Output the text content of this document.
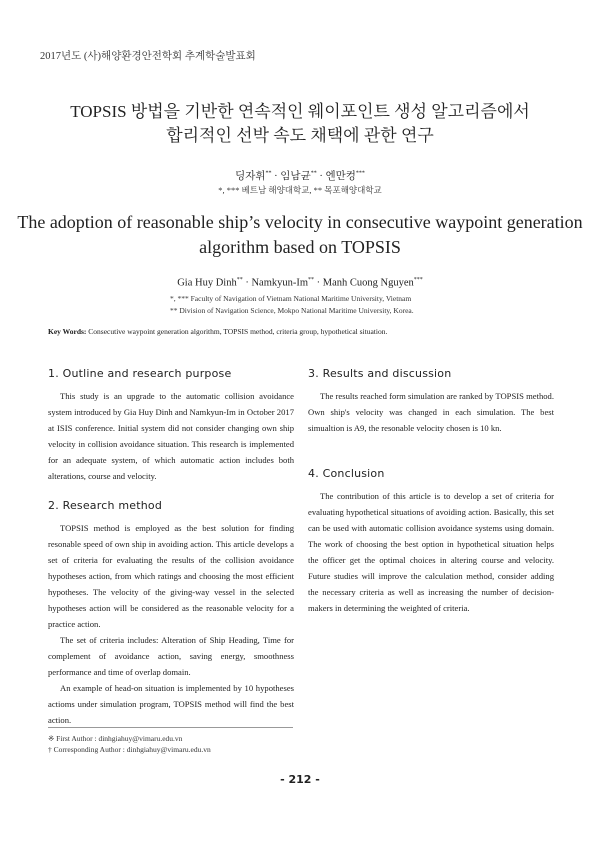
2017년도 (사)해양환경안전학회 추계학술발표회
TOPSIS 방법을 기반한 연속적인 웨이포인트 생성 알고리즘에서
합리적인 선박 속도 채택에 관한 연구
딩자휘** · 임남균** · 엔만컹***
*, *** 베트남 해양대학교, ** 목포해양대학교
The adoption of reasonable ship’s velocity in consecutive waypoint generation
algorithm based on TOPSIS
Gia Huy Dinh** · Namkyun-Im** · Manh Cuong Nguyen***
*, *** Faculty of Navigation of Vietnam National Maritime University, Vietnam
** Division of Navigation Science, Mokpo National Maritime University, Korea.
Key Words: Consecutive waypoint generation algorithm, TOPSIS method, criteria group, hypothetical situation.
1. Outline and research purpose

This study is an upgrade to the automatic collision avoidance system introduced by Gia Huy Dinh and Namkyun-Im in October 2017 at ISIS conference. Initial system did not consider changing own ship velocity in collision avoidance situation. This research is implemented for an adequate system, of which automatic action includes both alterations, course and velocity.

2. Research method

TOPSIS method is employed as the best solution for finding resonable speed of own ship in avoiding action. This article develops a set of criteria for evaluating the results of the collision avoidance hypotheses action, from which ratings and choosing the most efficient hypotheses. The velocity of the giving-way vessel in the selected hypotheses action will be considered as the reasonable velocity for a practice action.

The set of criteria includes: Alteration of Ship Heading, Time for complement of avoidance action, saving energy, smoothness performance and time of overlap domain.

An example of head-on situation is implemented by 10 hypotheses actioms under simulation program, TOPSIS method will find the best action.

3. Results and discussion

The results reached form simulation are ranked by TOPSIS method. Own ship's velocity was changed in each simulation. The best simualtion is A9, the resonable velocity chosen is 10 kn.

4. Conclusion

The contribution of this article is to develop a set of criteria for evaluating hypothetical situations of avoiding action. Basically, this set can be used with automatic collision avoidance systems using domain. The work of choosing the best option in hypothetical situation helps the officer get the optimal choices in altering course and velocity. Future studies will improve the calculation method, consider adding the necessary criteria as well as increasing the number of decision-makers in determining the weighted of criteria.

※ First Author : dinhgiahuy@vimaru.edu.vn
† Corresponding Author : dinhgiahuy@vimaru.edu.vn
- 212 -
